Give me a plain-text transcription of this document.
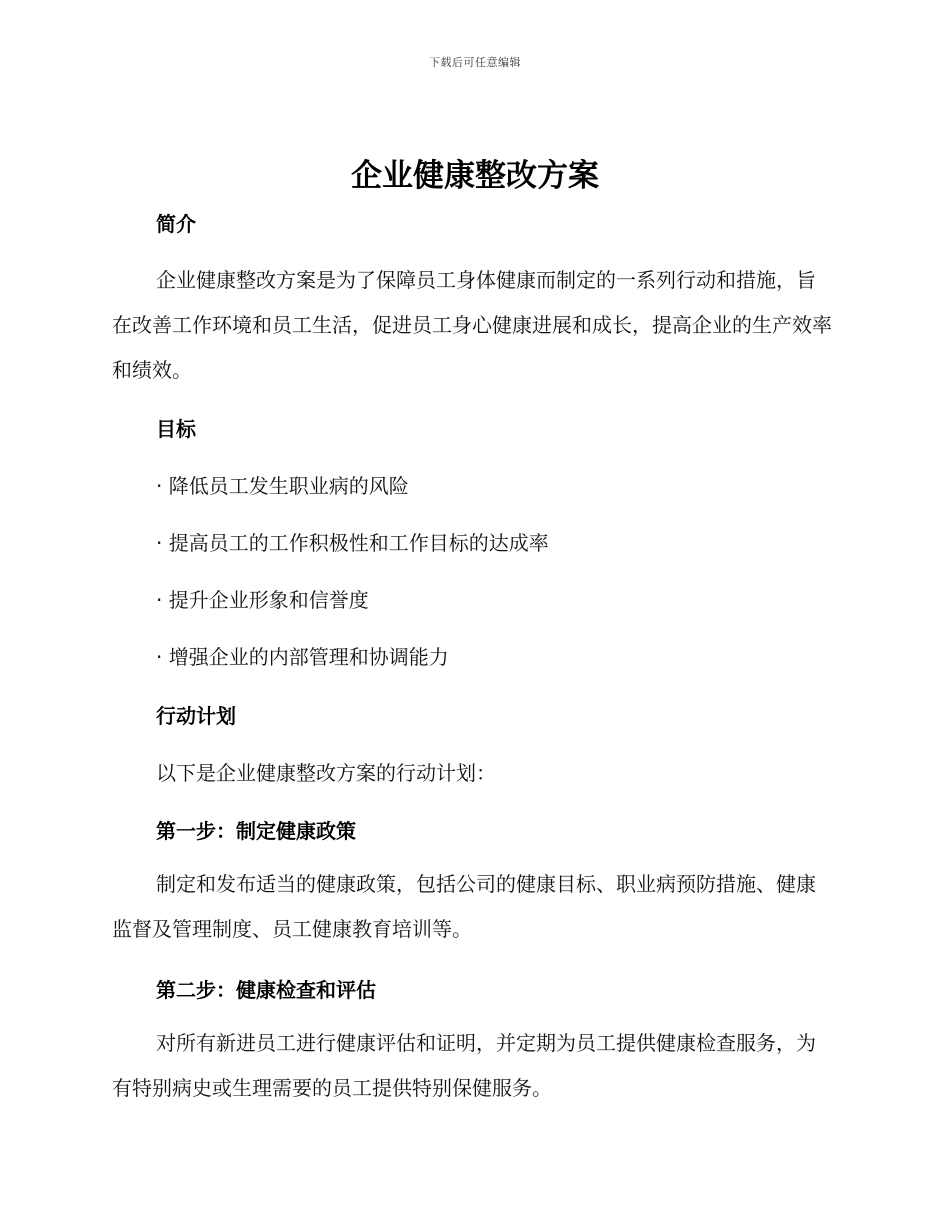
下载后可任意编辑
企业健康整改方案
简介
企业健康整改方案是为了保障员工身体健康而制定的一系列行动和措施，旨在改善工作环境和员工生活，促进员工身心健康进展和成长，提高企业的生产效率和绩效。
目标
· 降低员工发生职业病的风险
· 提高员工的工作积极性和工作目标的达成率
· 提升企业形象和信誉度
· 增强企业的内部管理和协调能力
行动计划
以下是企业健康整改方案的行动计划：
第一步：制定健康政策
制定和发布适当的健康政策，包括公司的健康目标、职业病预防措施、健康监督及管理制度、员工健康教育培训等。
第二步：健康检查和评估
对所有新进员工进行健康评估和证明，并定期为员工提供健康检查服务，为有特别病史或生理需要的员工提供特别保健服务。
